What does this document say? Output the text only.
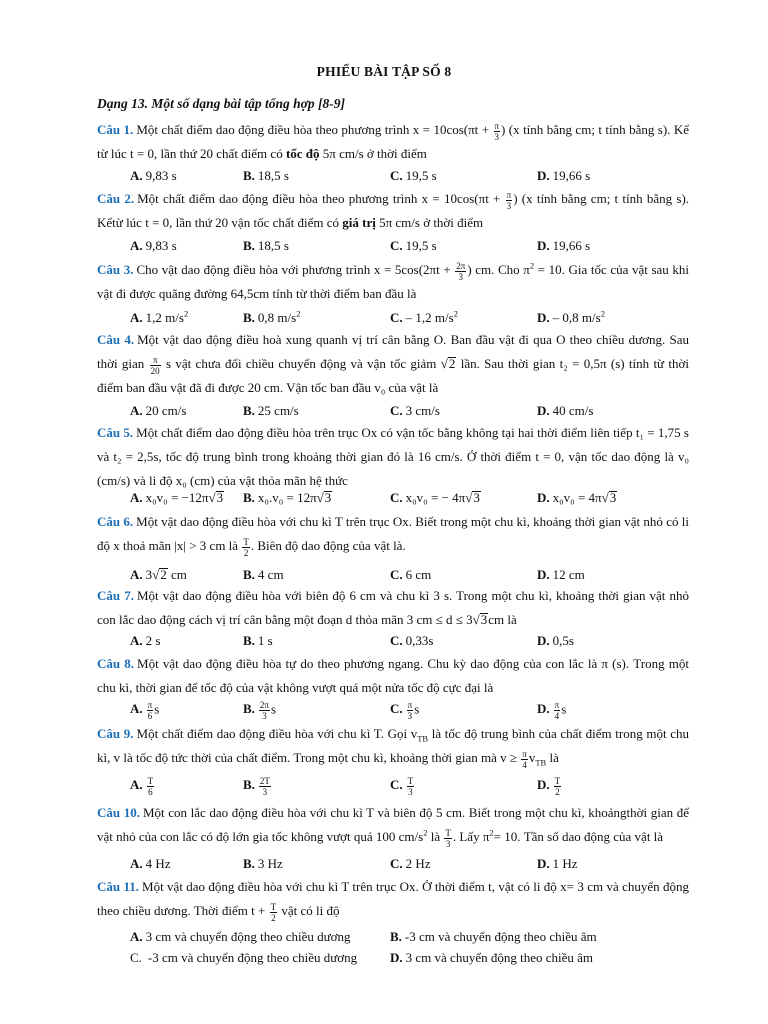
PHIẾU BÀI TẬP SỐ 8
Dạng 13. Một số dạng bài tập tổng hợp [8-9]
Câu 1. Một chất điểm dao động điều hòa theo phương trình $x = 10\cos(\pi t + \frac{\pi}{3}$ ) (x tính bằng cm; t tính bằng s). Kể từ lúc t = 0, lần thứ 20 chất điểm có tốc độ 5π cm/s ở thời điểm
A. 9,83 s	B. 18,5 s	C. 19,5 s	D. 19,66 s
Câu 2. Một chất điểm dao động điều hòa theo phương trình $x = 10\cos(\pi t + \frac{\pi}{3}$ ) (x tính bằng cm; t tính bằng s). Kểtừ lúc t = 0, lần thứ 20 vận tốc chất điểm có giá trị 5π cm/s ở thời điểm
A. 9,83 s	B. 18,5 s	C. 19,5 s	D. 19,66 s
Câu 3. Cho vật dao động điều hòa với phương trình $x = 5\cos(2\pi t + \frac{2\pi}{3}$ ) cm. Cho $\pi^2 = 10$. Gia tốc của vật sau khi vật đi được quãng đường 64,5cm tính từ thời điểm ban đầu là
A. 1,2 $m/s^2$	B. 0,8 $m/s^2$	C. – 1,2 $m/s^2$	D. – 0,8 $m/s^2$
Câu 4. Một vật dao động điều hoà xung quanh vị trí cân bằng O. Ban đầu vật đi qua O theo chiều dương. Sau thời gian $\frac{\pi}{20}$ s vật chưa đổi chiều chuyển động và vận tốc giảm √2 lần. Sau thời gian t₂ = 0,5π (s) tính từ thời điểm ban đầu vật đã đi được 20 cm. Vận tốc ban đầu v₀ của vật là
A. 20 cm/s	B. 25 cm/s	C. 3 cm/s	D. 40 cm/s
Câu 5. Một chất điểm dao động điều hòa trên trục Ox có vận tốc bằng không tại hai thời điểm liên tiếp t₁ = 1,75 s và t₂ = 2,5s, tốc độ trung bình trong khoảng thời gian đó là 16 cm/s. Ở thời điểm t = 0, vận tốc dao động là v₀ (cm/s) và li độ x₀ (cm) của vật thỏa mãn hệ thức
A. x₀v₀ = −12π√3 B. x₀.v₀ = 12π√3	C. x₀v₀ = − 4π√3	D. x₀v₀ = 4π√3
Câu 6. Một vật dao động điều hòa với chu kì T trên trục Ox. Biết trong một chu kì, khoảng thời gian vật nhỏ có li độ x thoả mãn |x| > 3 cm là $\frac{T}{2}$ . Biên độ dao động của vật là.
A. 3√2 cm	B. 4 cm	C. 6 cm	D. 12 cm
Câu 7. Một vật dao động điều hòa với biên độ 6 cm và chu kì 3 s. Trong một chu kì, khoảng thời gian vật nhỏ con lắc dao động cách vị trí cân bằng một đoạn d thỏa mãn 3 cm ≤ d ≤ 3√3cm là
A. 2 s	B. 1 s	C. 0,33s	D. 0,5s
Câu 8. Một vật dao động điều hòa tự do theo phương ngang. Chu kỳ dao động của con lắc là π (s). Trong một chu kì, thời gian để tốc độ của vật không vượt quá một nửa tốc độ cực đại là
A. $\frac{\pi}{6}$ s	B. $\frac{2\pi}{3}$ s	C. $\frac{\pi}{3}$ s	D. $\frac{\pi}{4}$ s
Câu 9. Một chất điểm dao động điều hòa với chu kì T. Gọi $v_{TB}$ là tốc độ trung bình của chất điểm trong một chu kì, v là tốc độ tức thời của chất điểm. Trong một chu kì, khoảng thời gian mà $v \ge \frac{\pi}{4} v_{TB}$ là
A. $\frac{T}{6}$	B. $\frac{2T}{3}$	C. $\frac{T}{3}$	D. $\frac{T}{2}$
Câu 10. Một con lắc dao động điều hòa với chu kì T và biên độ 5 cm. Biết trong một chu kì, khoảngthời gian để vật nhỏ của con lắc có độ lớn gia tốc không vượt quá 100 $cm/s^2$ là $\frac{T}{3}$ . Lấy $\pi^2= 10$. Tần số dao động của vật là
A. 4 Hz	B. 3 Hz	C. 2 Hz	D. 1 Hz
Câu 11. Một vật dao động điều hòa với chu kì T trên trục Ox. Ở thời điểm t, vật có li độ x= 3 cm và chuyển động theo chiều dương. Thời điểm $t + \frac{T}{2}$ vật có li độ
A. 3 cm và chuyển động theo chiều dương	B. -3 cm và chuyển động theo chiều âm
C. -3 cm và chuyển động theo chiều dương	D. 3 cm và chuyển động theo chiều âm
